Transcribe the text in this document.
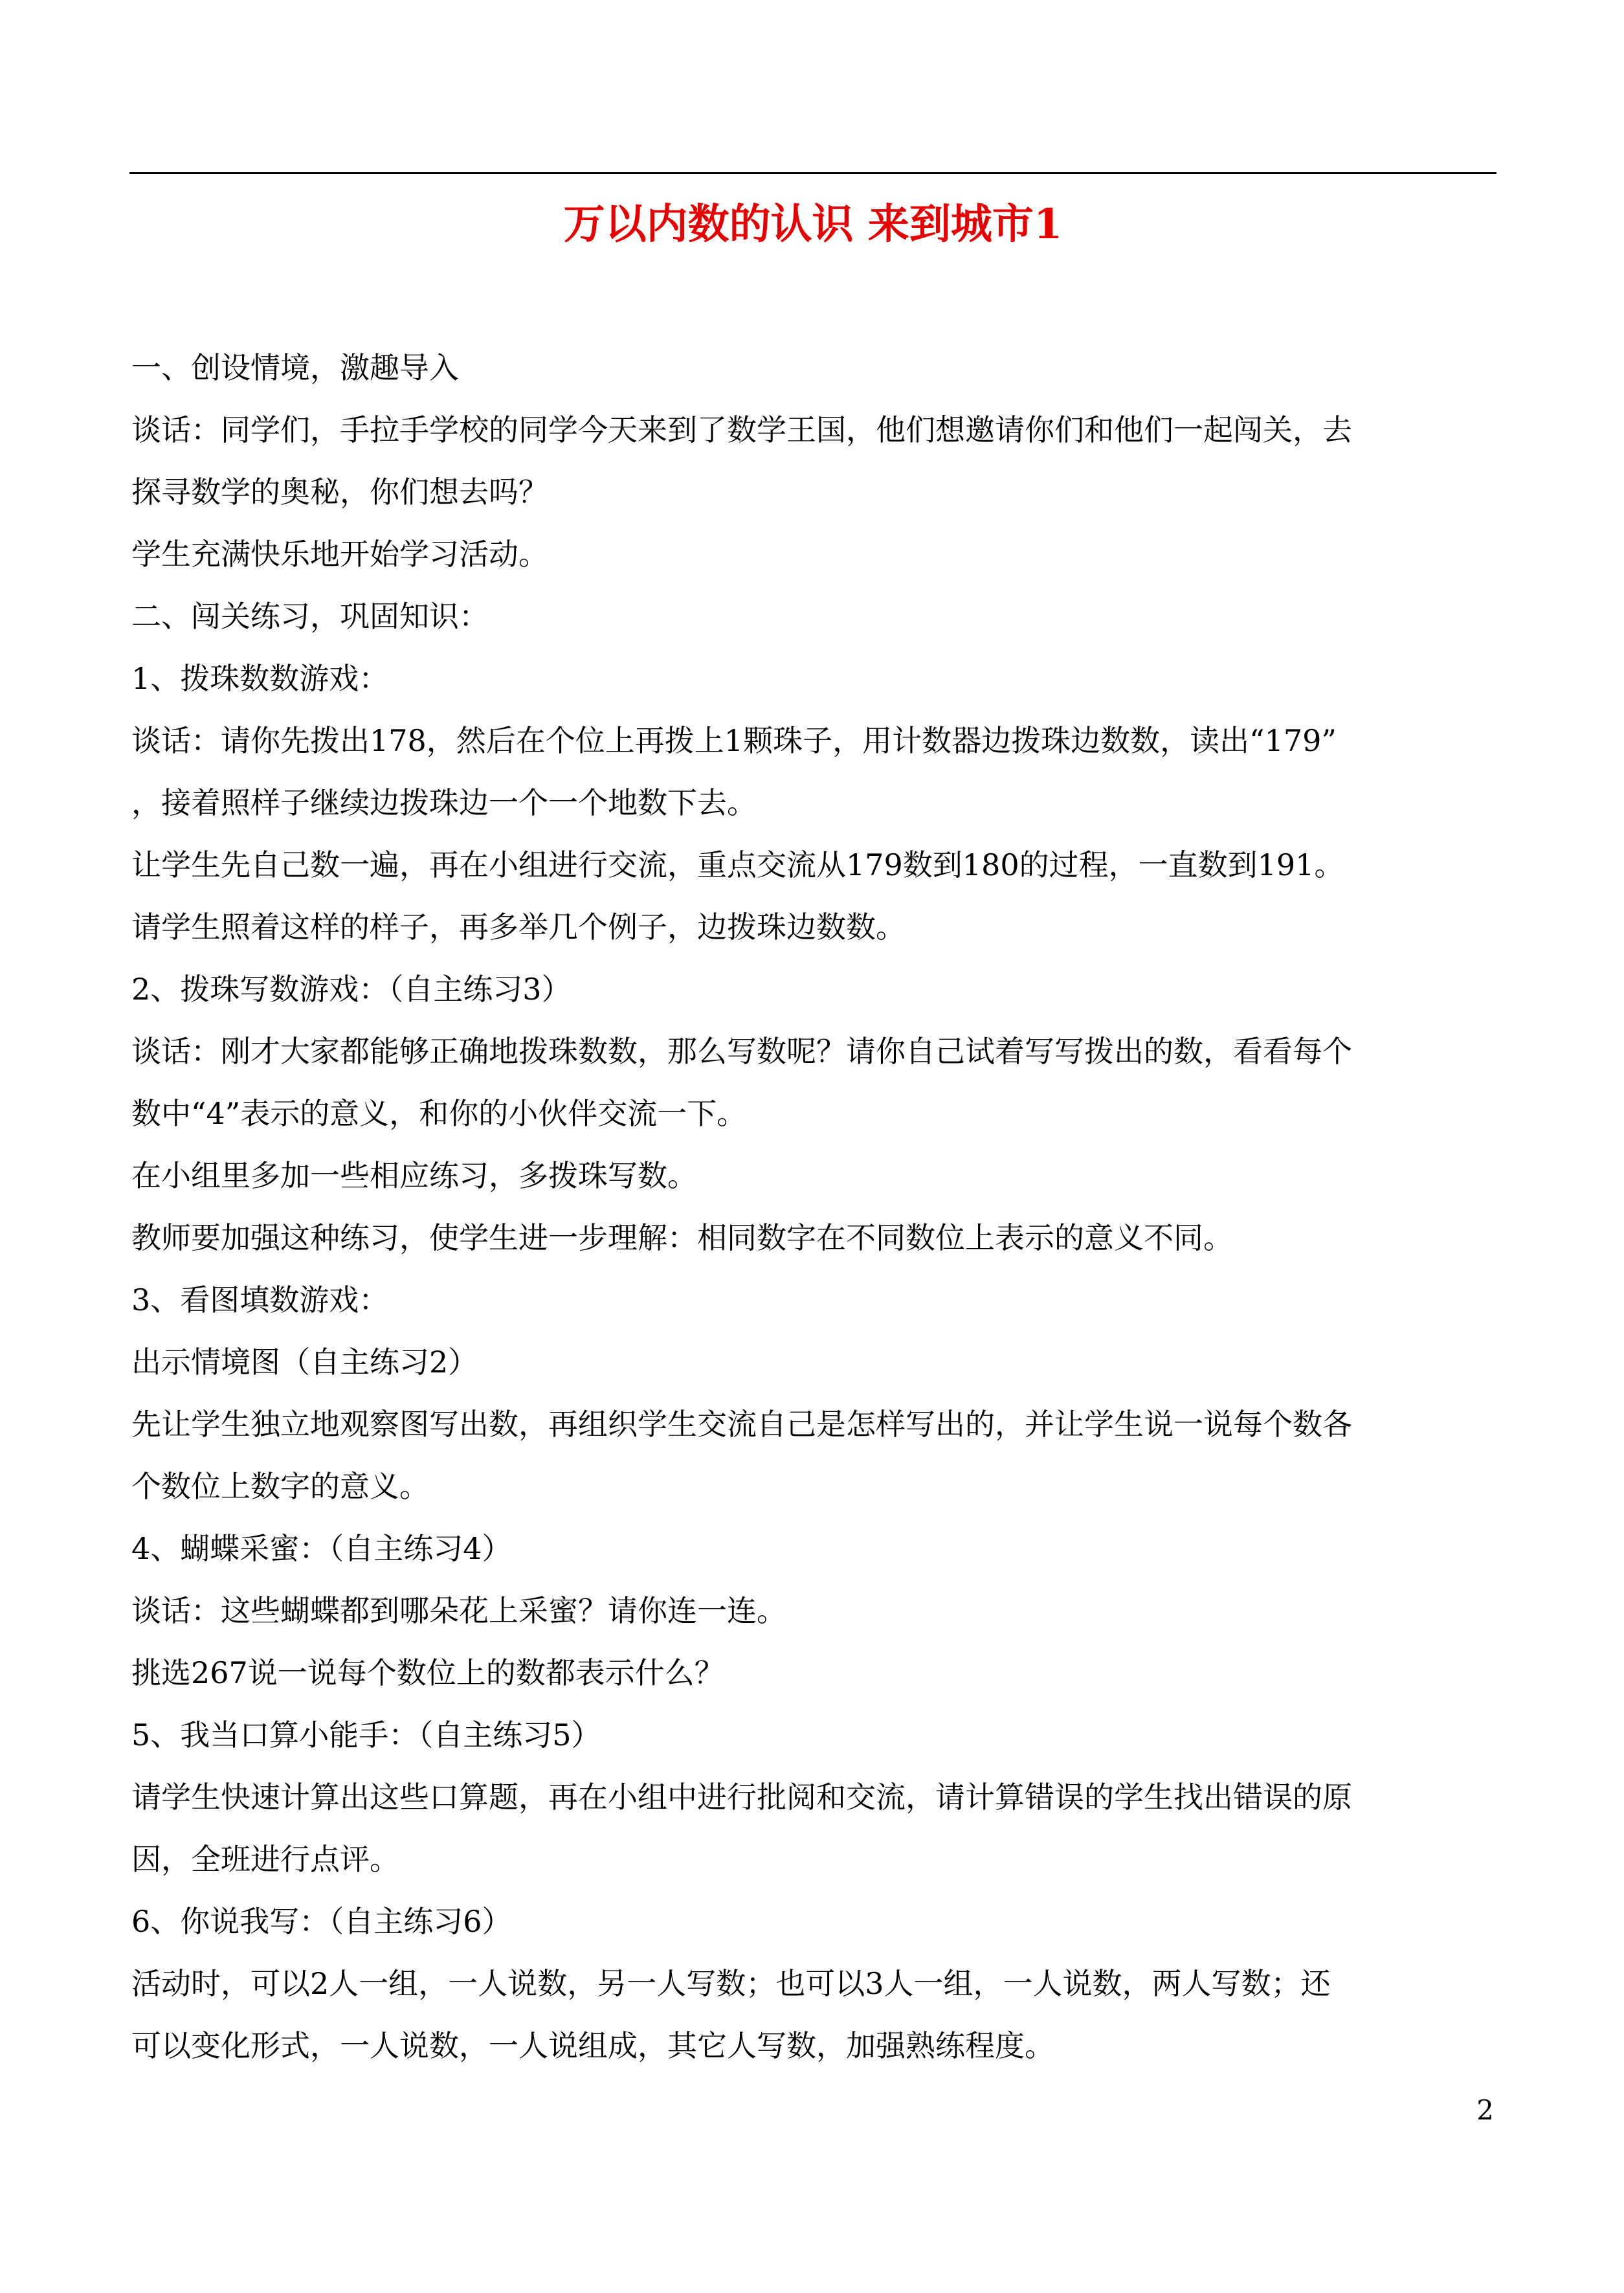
万以内数的认识 来到城市1
一、创设情境，激趣导入
谈话：同学们，手拉手学校的同学今天来到了数学王国，他们想邀请你们和他们一起闯关，去
探寻数学的奥秘，你们想去吗？
学生充满快乐地开始学习活动。
二、闯关练习，巩固知识：
1、拨珠数数游戏：
谈话：请你先拨出178，然后在个位上再拨上1颗珠子，用计数器边拨珠边数数，读出“179”
，接着照样子继续边拨珠边一个一个地数下去。
让学生先自己数一遍，再在小组进行交流，重点交流从179数到180的过程，一直数到191。
请学生照着这样的样子，再多举几个例子，边拨珠边数数。
2、拨珠写数游戏：（自主练习3）
谈话：刚才大家都能够正确地拨珠数数，那么写数呢？请你自己试着写写拨出的数，看看每个
数中“4”表示的意义，和你的小伙伴交流一下。
在小组里多加一些相应练习，多拨珠写数。
教师要加强这种练习，使学生进一步理解：相同数字在不同数位上表示的意义不同。
3、看图填数游戏：
出示情境图（自主练习2）
先让学生独立地观察图写出数，再组织学生交流自己是怎样写出的，并让学生说一说每个数各
个数位上数字的意义。
4、蝴蝶采蜜：（自主练习4）
谈话：这些蝴蝶都到哪朵花上采蜜？请你连一连。
挑选267说一说每个数位上的数都表示什么？
5、我当口算小能手：（自主练习5）
请学生快速计算出这些口算题，再在小组中进行批阅和交流，请计算错误的学生找出错误的原
因，全班进行点评。
6、你说我写：（自主练习6）
活动时，可以2人一组，一人说数，另一人写数；也可以3人一组，一人说数，两人写数；还
可以变化形式，一人说数，一人说组成，其它人写数，加强熟练程度。
2
